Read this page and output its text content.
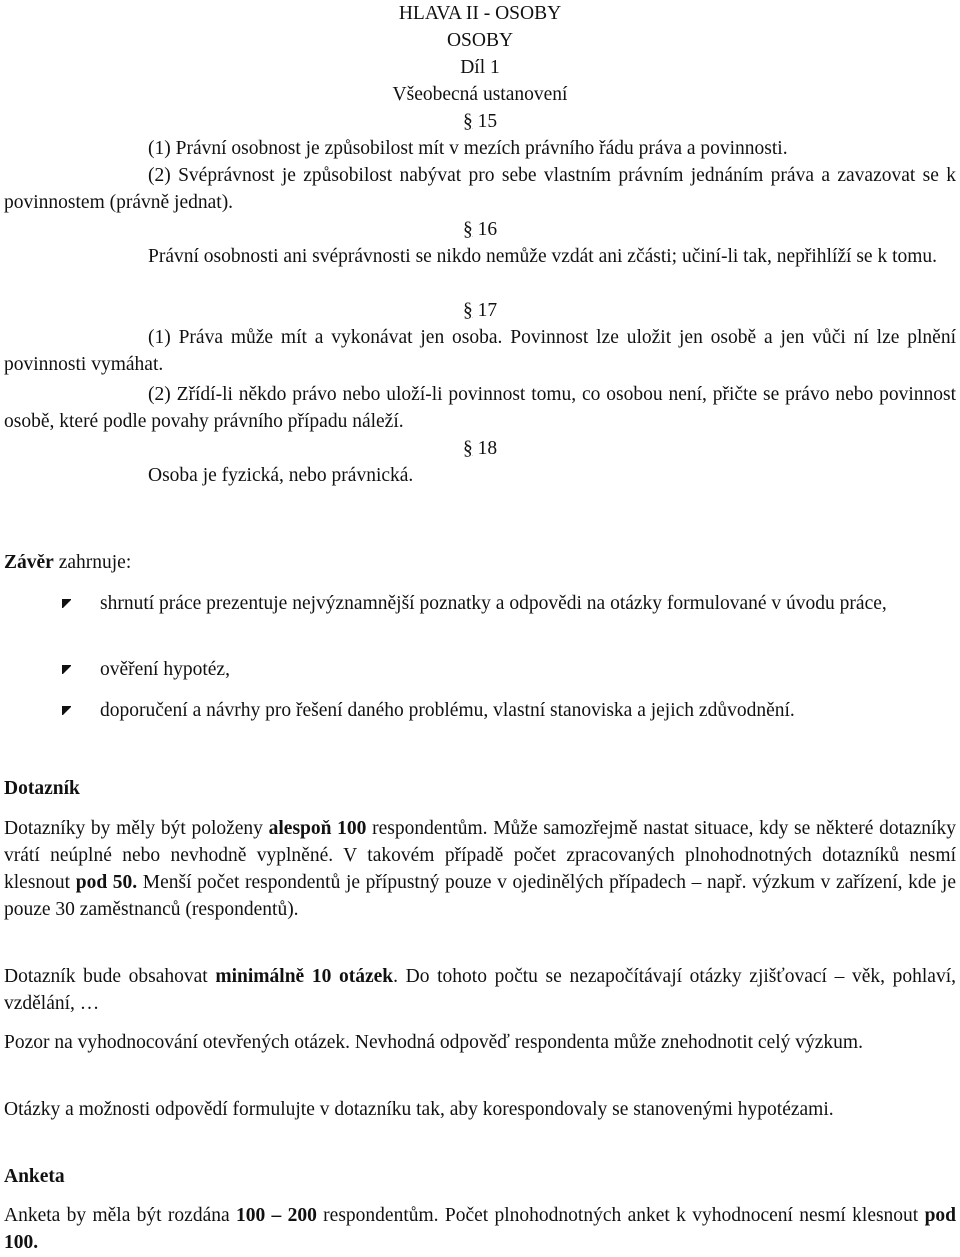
HLAVA II - OSOBY
OSOBY
Díl 1
Všeobecná ustanovení
§ 15
(1) Právní osobnost je způsobilost mít v mezích právního řádu práva a povinnosti.
(2) Svéprávnost je způsobilost nabývat pro sebe vlastním právním jednáním práva a zavazovat se k povinnostem (právně jednat).
§ 16
Právní osobnosti ani svéprávnosti se nikdo nemůže vzdát ani zčásti; učiní-li tak, nepřihlíží se k tomu.
§ 17
(1) Práva může mít a vykonávat jen osoba. Povinnost lze uložit jen osobě a jen vůči ní lze plnění povinnosti vymáhat.
(2) Zřídí-li někdo právo nebo uloží-li povinnost tomu, co osobou není, přičte se právo nebo povinnost osobě, které podle povahy právního případu náleží.
§ 18
Osoba je fyzická, nebo právnická.
Závěr zahrnuje:
shrnutí práce prezentuje nejvýznamnější poznatky a odpovědi na otázky formulované v úvodu práce,
ověření hypotéz,
doporučení a návrhy pro řešení daného problému, vlastní stanoviska a jejich zdůvodnění.
Dotazník
Dotazníky by měly být položeny alespoň 100 respondentům. Může samozřejmě nastat situace, kdy se některé dotazníky vrátí neúplné nebo nevhodně vyplněné. V takovém případě počet zpracovaných plnohodnotných dotazníků nesmí klesnout pod 50. Menší počet respondentů je přípustný pouze v ojedinělých případech – např. výzkum v zařízení, kde je pouze 30 zaměstnanců (respondentů).
Dotazník bude obsahovat minimálně 10 otázek. Do tohoto počtu se nezapočítávají otázky zjišťovací – věk, pohlaví, vzdělání, …
Pozor na vyhodnocování otevřených otázek. Nevhodná odpověď respondenta může znehodnotit celý výzkum.
Otázky a možnosti odpovědí formulujte v dotazníku tak, aby korespondovaly se stanovenými hypotézami.
Anketa
Anketa by měla být rozdána 100 – 200 respondentům. Počet plnohodnotných anket k vyhodnocení nesmí klesnout pod 100.
